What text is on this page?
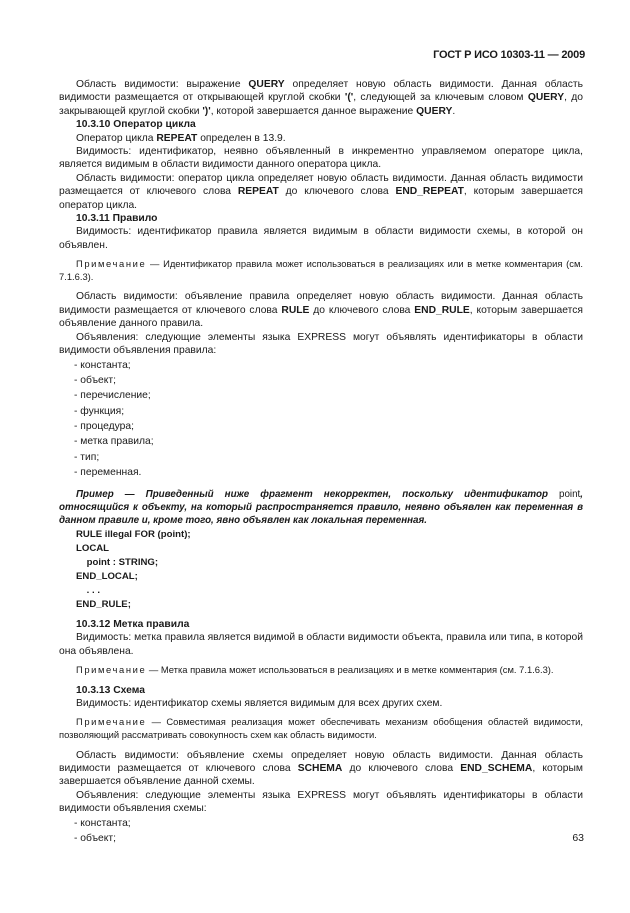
ГОСТ Р ИСО 10303-11 — 2009

Область видимости: выражение QUERY определяет новую область видимости. Данная область видимости размещается от открывающей круглой скобки '(', следующей за ключевым словом QUERY, до закрывающей круглой скобки ')', которой завершается данное выражение QUERY.

10.3.10 Оператор цикла

Оператор цикла REPEAT определен в 13.9.

Видимость: идентификатор, неявно объявленный в инкрементно управляемом операторе цикла, является видимым в области видимости данного оператора цикла.

Область видимости: оператор цикла определяет новую область видимости. Данная область видимости размещается от ключевого слова REPEAT до ключевого слова END_REPEAT, которым завершается оператор цикла.

10.3.11 Правило

Видимость: идентификатор правила является видимым в области видимости схемы, в которой он объявлен.

Примечание — Идентификатор правила может использоваться в реализациях или в метке комментария (см. 7.1.6.3).

Область видимости: объявление правила определяет новую область видимости. Данная область видимости размещается от ключевого слова RULE до ключевого слова END_RULE, которым завершается объявление данного правила.

Объявления: следующие элементы языка EXPRESS могут объявлять идентификаторы в области видимости объявления правила:

- константа;
- объект;
- перечисление;
- функция;
- процедура;
- метка правила;
- тип;
- переменная.

Пример — Приведенный ниже фрагмент некорректен, поскольку идентификатор point, относящийся к объекту, на который распространяется правило, неявно объявлен как переменная в данном правиле и, кроме того, явно объявлен как локальная переменная.

RULE illegal FOR (point);
LOCAL
point : STRING;
END_LOCAL;
. . .
END_RULE;

10.3.12 Метка правила

Видимость: метка правила является видимой в области видимости объекта, правила или типа, в которой она объявлена.

Примечание — Метка правила может использоваться в реализациях и в метке комментария (см. 7.1.6.3).

10.3.13 Схема

Видимость: идентификатор схемы является видимым для всех других схем.

Примечание — Совместимая реализация может обеспечивать механизм обобщения областей видимости, позволяющий рассматривать совокупность схем как область видимости.

Область видимости: объявление схемы определяет новую область видимости. Данная область видимости размещается от ключевого слова SCHEMA до ключевого слова END_SCHEMA, которым завершается объявление данной схемы.

Объявления: следующие элементы языка EXPRESS могут объявлять идентификаторы в области видимости объявления схемы:

- константа;
- объект;	63
